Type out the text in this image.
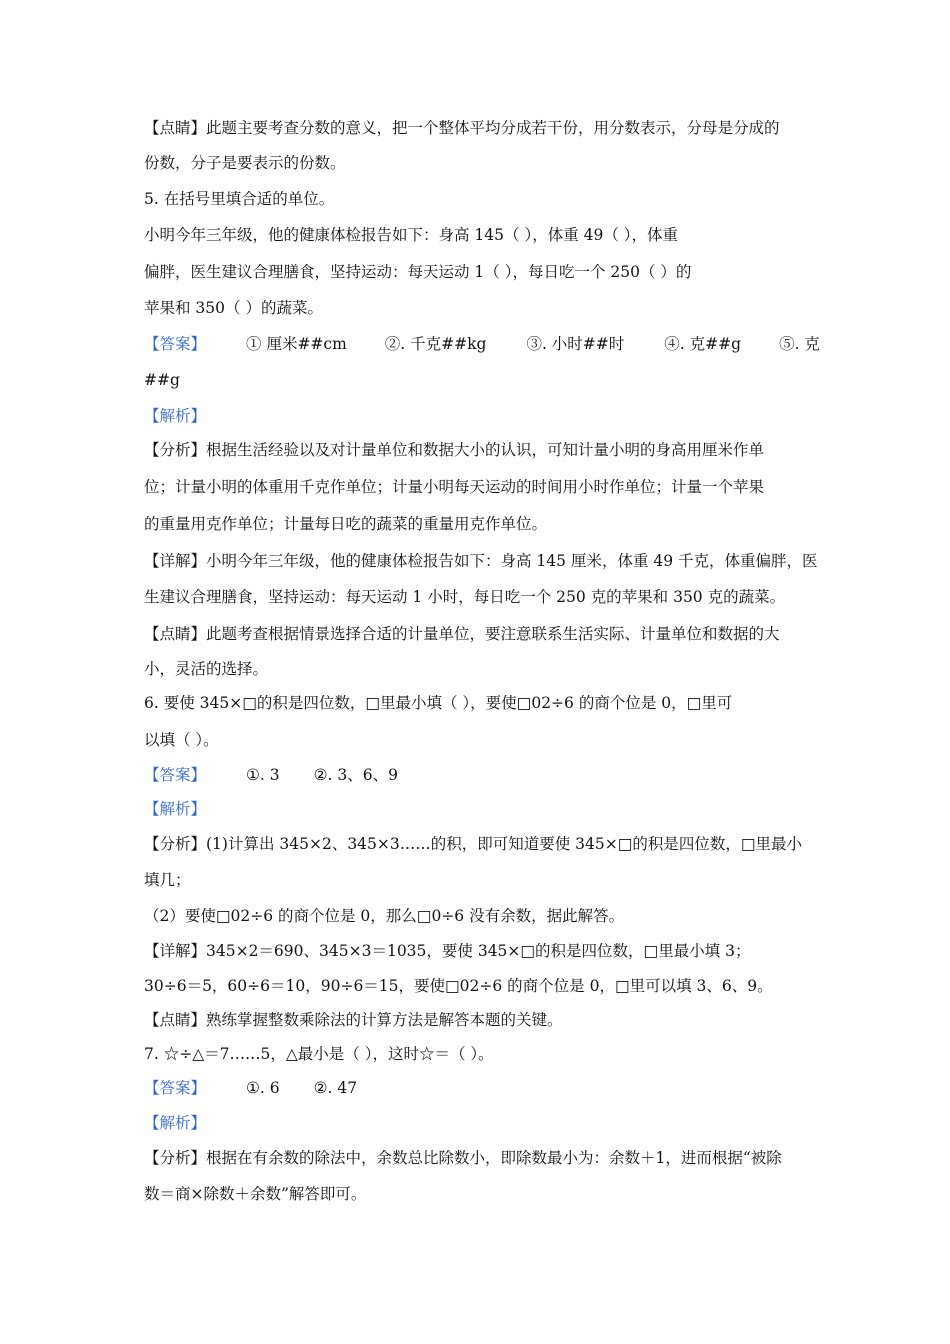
【点睛】此题主要考查分数的意义，把一个整体平均分成若干份，用分数表示，分母是分成的
份数，分子是要表示的份数。
5. 在括号里填合适的单位。
小明今年三年级，他的健康体检报告如下：身高 145（ ），体重 49（ ），体重
偏胖，医生建议合理膳食，坚持运动：每天运动 1（ ），每日吃一个 250（ ）的
苹果和 350（ ）的蔬菜。
【答案】	① 厘米##cm ②. 千克##kg	③. 小时##时	④. 克##g ⑤. 克
##g
【解析】
【分析】根据生活经验以及对计量单位和数据大小的认识，可知计量小明的身高用厘米作单
位；计量小明的体重用千克作单位；计量小明每天运动的时间用小时作单位；计量一个苹果
的重量用克作单位；计量每日吃的蔬菜的重量用克作单位。
【详解】小明今年三年级，他的健康体检报告如下：身高 145 厘米，体重 49 千克，体重偏胖，医
生建议合理膳食，坚持运动：每天运动 1 小时，每日吃一个 250 克的苹果和 350 克的蔬菜。
【点睛】此题考查根据情景选择合适的计量单位，要注意联系生活实际、计量单位和数据的大
小，灵活的选择。
6. 要使 345×□的积是四位数，□里最小填（ ），要使□02÷6 的商个位是 0，□里可
以填（ ）。
【答案】	①. 3 ②. 3、6、9
【解析】
【分析】(1)计算出 345×2、345×3……的积，即可知道要使 345×□的积是四位数，□里最小
填几；
（2）要使□02÷6 的商个位是 0，那么□0÷6 没有余数，据此解答。
【详解】345×2＝690、345×3＝1035，要使 345×□的积是四位数，□里最小填 3；
30÷6＝5，60÷6＝10，90÷6＝15，要使□02÷6 的商个位是 0，□里可以填 3、6、9。
【点睛】熟练掌握整数乘除法的计算方法是解答本题的关键。
7. ☆÷△＝7……5，△最小是（ ），这时☆＝（ ）。
【答案】	①. 6 ②. 47
【解析】
【分析】根据在有余数的除法中，余数总比除数小，即除数最小为：余数＋1，进而根据“被除
数＝商×除数＋余数”解答即可。
